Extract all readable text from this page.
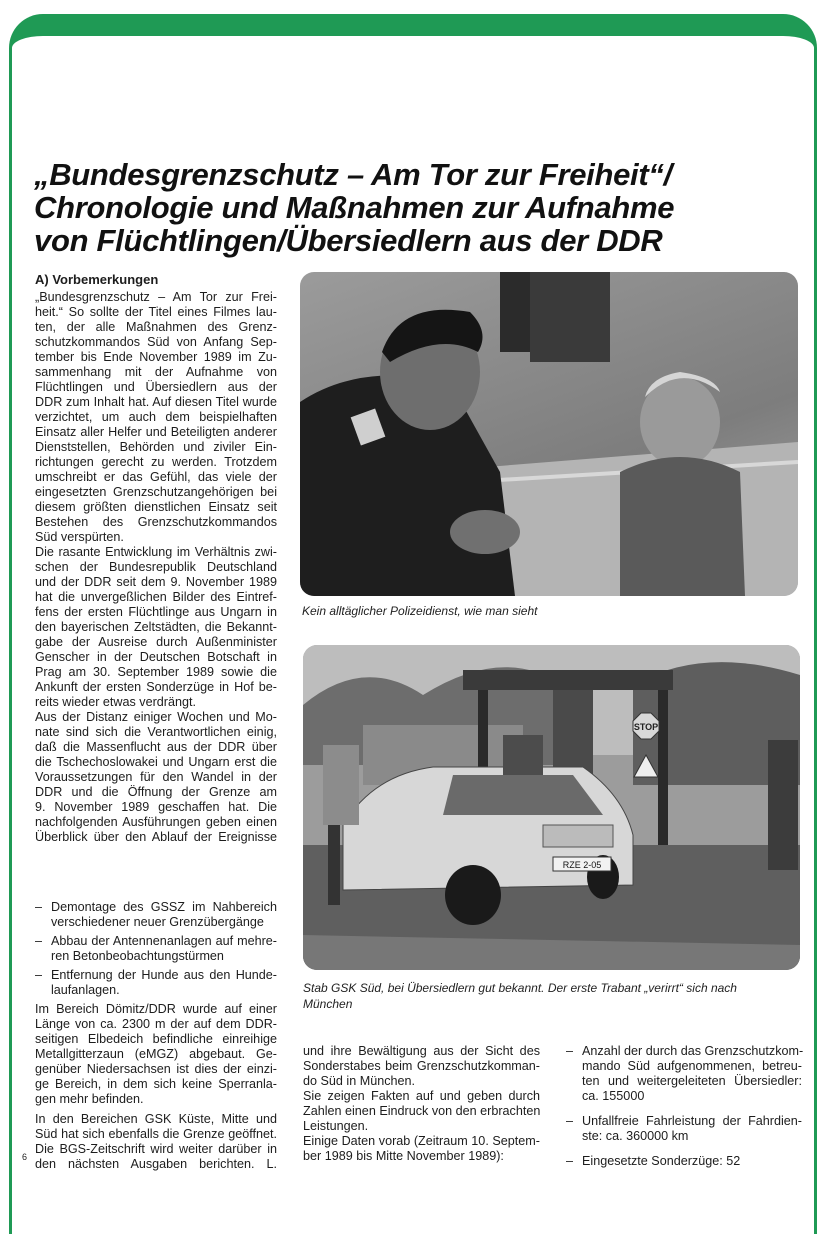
„Bundesgrenzschutz – Am Tor zur Freiheit“/
Chronologie und Maßnahmen zur Aufnahme
von Flüchtlingen/Übersiedlern aus der DDR
A) Vorbemerkungen
„Bundesgrenzschutz – Am Tor zur Frei-
heit.“ So sollte der Titel eines Filmes lau-
ten, der alle Maßnahmen des Grenz-
schutzkommandos Süd von Anfang Sep-
tember bis Ende November 1989 im Zu-
sammenhang mit der Aufnahme von
Flüchtlingen und Übersiedlern aus der
DDR zum Inhalt hat. Auf diesen Titel wurde
verzichtet, um auch dem beispielhaften
Einsatz aller Helfer und Beteiligten anderer
Dienststellen, Behörden und ziviler Ein-
richtungen gerecht zu werden. Trotzdem
umschreibt er das Gefühl, das viele der
eingesetzten Grenzschutzangehörigen bei
diesem größten dienstlichen Einsatz seit
Bestehen des Grenzschutzkommandos
Süd verspürten.
Die rasante Entwicklung im Verhältnis zwi-
schen der Bundesrepublik Deutschland
und der DDR seit dem 9. November 1989
hat die unvergeßlichen Bilder des Eintref-
fens der ersten Flüchtlinge aus Ungarn in
den bayerischen Zeltstädten, die Bekannt-
gabe der Ausreise durch Außenminister
Genscher in der Deutschen Botschaft in
Prag am 30. September 1989 sowie die
Ankunft der ersten Sonderzüge in Hof be-
reits wieder etwas verdrängt.
Aus der Distanz einiger Wochen und Mo-
nate sind sich die Verantwortlichen einig,
daß die Massenflucht aus der DDR über
die Tschechoslowakei und Ungarn erst die
Voraussetzungen für den Wandel in der
DDR und die Öffnung der Grenze am
9. November 1989 geschaffen hat. Die
nachfolgenden Ausführungen geben einen
Überblick über den Ablauf der Ereignisse
– Demontage des GSSZ im Nahbereich
verschiedener neuer Grenzübergänge
– Abbau der Antennenanlagen auf mehre-
ren Betonbeobachtungstürmen
– Entfernung der Hunde aus den Hunde-
laufanlagen.
Im Bereich Dömitz/DDR wurde auf einer
Länge von ca. 2300 m der auf dem DDR-
seitigen Elbedeich befindliche einreihige
Metallgitterzaun (eMGZ) abgebaut. Ge-
genüber Niedersachsen ist dies der einzi-
ge Bereich, in dem sich keine Sperranla-
gen mehr befinden.
In den Bereichen GSK Küste, Mitte und
Süd hat sich ebenfalls die Grenze geöffnet.
Die BGS-Zeitschrift wird weiter darüber in
den nächsten Ausgaben berichten. L.
und ihre Bewältigung aus der Sicht des
Sonderstabes beim Grenzschutzkomman-
do Süd in München.
Sie zeigen Fakten auf und geben durch
Zahlen einen Eindruck von den erbrachten
Leistungen.
Einige Daten vorab (Zeitraum 10. Septem-
ber 1989 bis Mitte November 1989):
– Anzahl der durch das Grenzschutzkom-
mando Süd aufgenommenen, betreu-
ten und weitergeleiteten Übersiedler:
ca. 155000
– Unfallfreie Fahrleistung der Fahrdien-
ste: ca. 360000 km
– Eingesetzte Sonderzüge: 52
Kein alltäglicher Polizeidienst, wie man sieht
STOP
RZE 2-05
Stab GSK Süd, bei Übersiedlern gut bekannt. Der erste Trabant „verirrt“ sich nach
München
6
